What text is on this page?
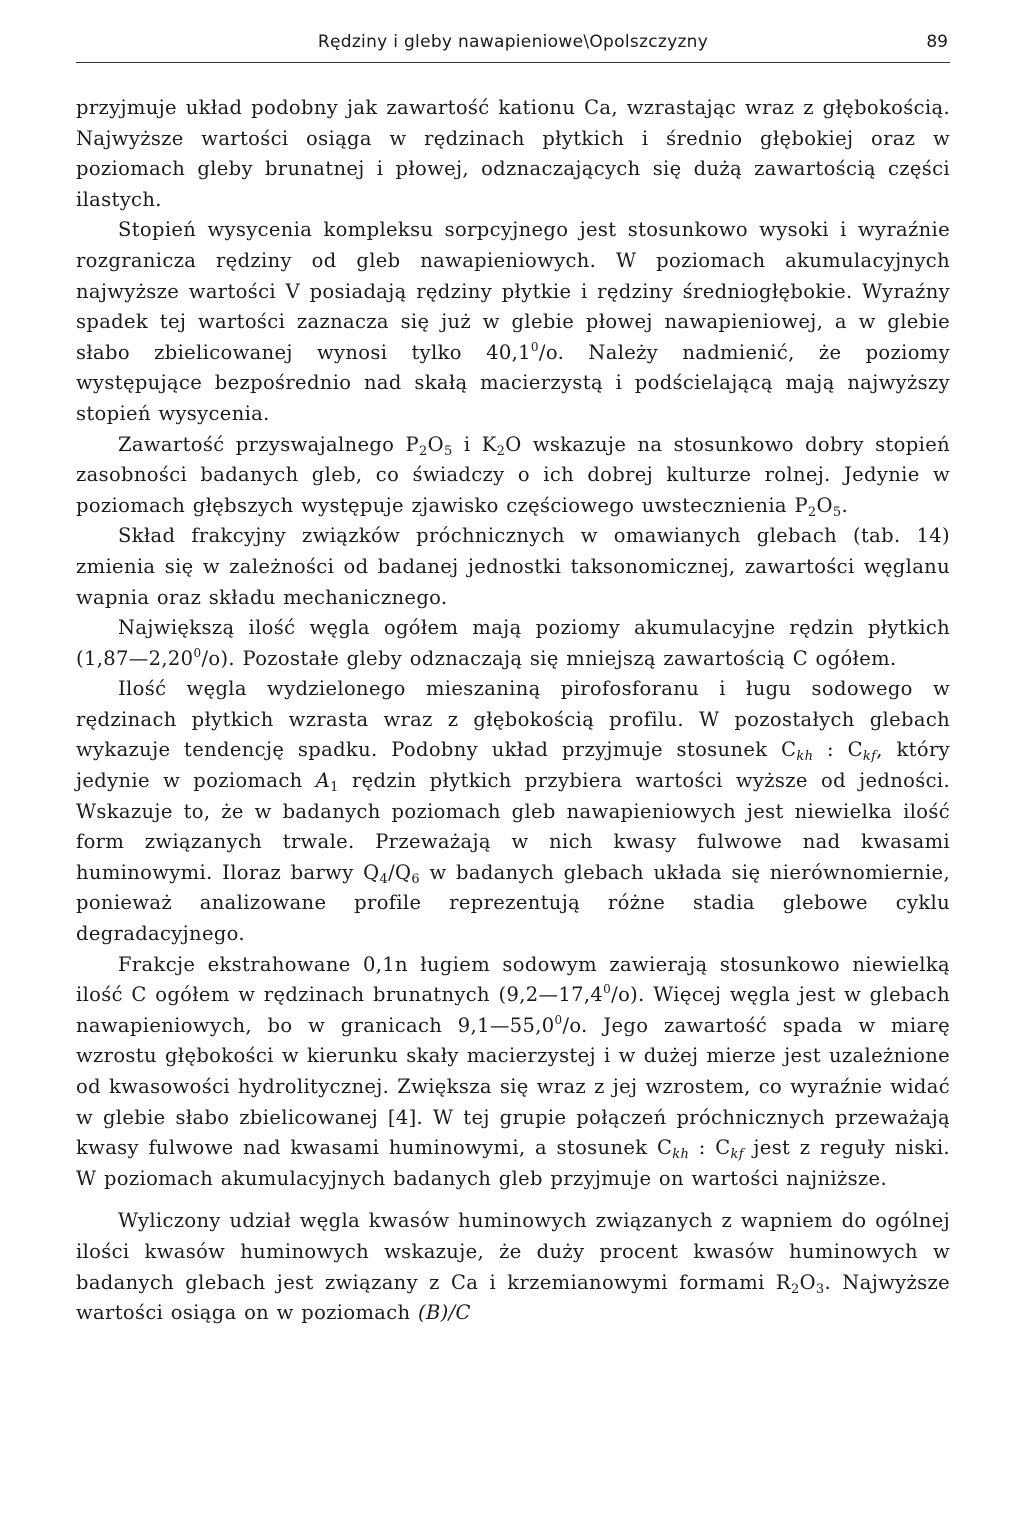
Rędziny i gleby nawapieniowe\Opolszczyzny	89

przyjmuje układ podobny jak zawartość kationu Ca, wzrastając wraz z głębokością. Najwyższe wartości osiąga w rędzinach płytkich i średnio głębokiej oraz w poziomach gleby brunatnej i płowej, odznaczających się dużą zawartością części ilastych.

Stopień wysycenia kompleksu sorpcyjnego jest stosunkowo wysoki i wyraźnie rozgranicza rędziny od gleb nawapieniowych. W poziomach akumulacyjnych najwyższe wartości V posiadają rędziny płytkie i rędziny średniogłębokie. Wyraźny spadek tej wartości zaznacza się już w glebie płowej nawapieniowej, a w glebie słabo zbielicowanej wynosi tylko 40,1$^0$/o. Należy nadmienić, że poziomy występujące bezpośrednio nad skałą macierzystą i podścielającą mają najwyższy stopień wysycenia.

Zawartość przyswajalnego $P_2O_5$ i $K_2O$ wskazuje na stosunkowo dobry stopień zasobności badanych gleb, co świadczy o ich dobrej kulturze rolnej. Jedynie w poziomach głębszych występuje zjawisko częściowego uwstecznienia $P_2O_5$.

Skład frakcyjny związków próchnicznych w omawianych glebach (tab. 14) zmienia się w zależności od badanej jednostki taksonomicznej, zawartości węglanu wapnia oraz składu mechanicznego.

Największą ilość węgla ogółem mają poziomy akumulacyjne rędzin płytkich (1,87—2,20$^0$/o). Pozostałe gleby odznaczają się mniejszą zawartością C ogółem.

Ilość węgla wydzielonego mieszaniną pirofosforanu i ługu sodowego w rędzinach płytkich wzrasta wraz z głębokością profilu. W pozostałych glebach wykazuje tendencję spadku. Podobny układ przyjmuje stosunek $C_{kh}$ : $C_{kf}$, który jedynie w poziomach $A_1$ rędzin płytkich przybiera wartości wyższe od jedności. Wskazuje to, że w badanych poziomach gleb nawapieniowych jest niewielka ilość form związanych trwale. Przeważają w nich kwasy fulwowe nad kwasami huminowymi. Iloraz barwy $Q_4/Q_6$ w badanych glebach układa się nierównomiernie, ponieważ analizowane profile reprezentują różne stadia glebowe cyklu degradacyjnego.

Frakcje ekstrahowane 0,1n ługiem sodowym zawierają stosunkowo niewielką ilość C ogółem w rędzinach brunatnych (9,2—17,4$^0$/o). Więcej węgla jest w glebach nawapieniowych, bo w granicach 9,1—55,0$^0$/o. Jego zawartość spada w miarę wzrostu głębokości w kierunku skały macierzystej i w dużej mierze jest uzależnione od kwasowości hydrolitycznej. Zwiększa się wraz z jej wzrostem, co wyraźnie widać w glebie słabo zbielicowanej [4]. W tej grupie połączeń próchnicznych przeważają kwasy fulwowe nad kwasami huminowymi, a stosunek $C_{kh}$ : $C_{kf}$ jest z reguły niski. W poziomach akumulacyjnych badanych gleb przyjmuje on wartości najniższe.

Wyliczony udział węgla kwasów huminowych związanych z wapniem do ogólnej ilości kwasów huminowych wskazuje, że duży procent kwasów huminowych w badanych glebach jest związany z Ca i krzemianowymi formami $R_2O_3$. Najwyższe wartości osiąga on w poziomach (B)/C
